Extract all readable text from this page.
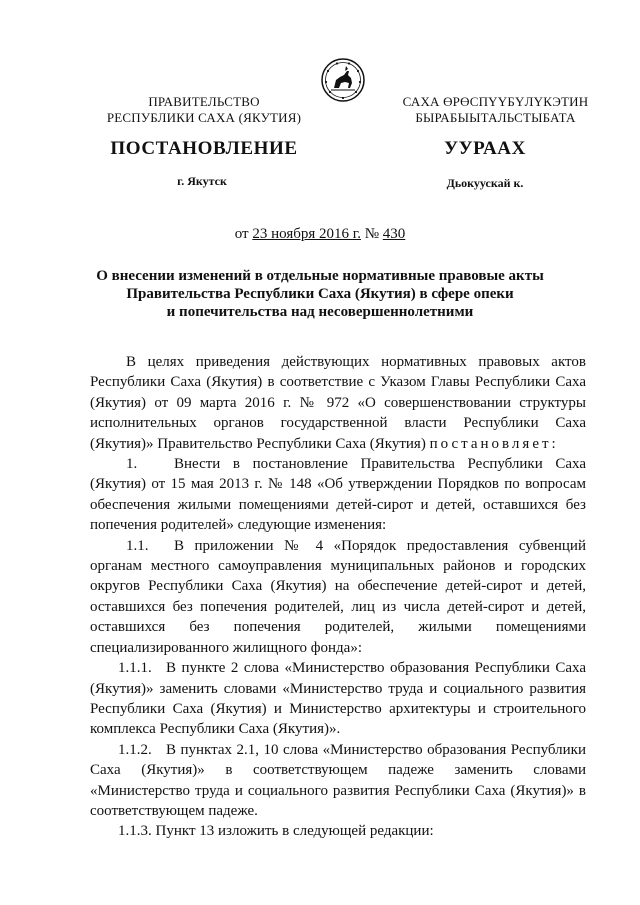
ПРАВИТЕЛЬСТВО
РЕСПУБЛИКИ САХА (ЯКУТИЯ)
САХА ӨРӨСПҮҮБҮЛҮКЭТИН
БЫРАБЫЫТАЛЬСТЫБАТА
ПОСТАНОВЛЕНИЕ	УУРААХ
г. Якутск	Дьокуускай к.
от 23 ноября 2016 г. № 430
О внесении изменений в отдельные нормативные правовые акты
Правительства Республики Саха (Якутия) в сфере опеки
и попечительства над несовершеннолетними

В целях приведения действующих нормативных правовых актов Республики Саха (Якутия) в соответствие с Указом Главы Республики Саха (Якутия) от 09 марта 2016 г. № 972 «О совершенствовании структуры исполнительных органов государственной власти Республики Саха (Якутия)» Правительство Республики Саха (Якутия) постановляет:

1. Внести в постановление Правительства Республики Саха (Якутия) от 15 мая 2013 г. № 148 «Об утверждении Порядков по вопросам обеспечения жилыми помещениями детей-сирот и детей, оставшихся без попечения родителей» следующие изменения:

1.1. В приложении № 4 «Порядок предоставления субвенций органам местного самоуправления муниципальных районов и городских округов Республики Саха (Якутия) на обеспечение детей-сирот и детей, оставшихся без попечения родителей, лиц из числа детей-сирот и детей, оставшихся без попечения родителей, жилыми помещениями специализированного жилищного фонда»:

1.1.1. В пункте 2 слова «Министерство образования Республики Саха (Якутия)» заменить словами «Министерство труда и социального развития Республики Саха (Якутия) и Министерство архитектуры и строительного комплекса Республики Саха (Якутия)».

1.1.2. В пунктах 2.1, 10 слова «Министерство образования Республики Саха (Якутия)» в соответствующем падеже заменить словами «Министерство труда и социального развития Республики Саха (Якутия)» в соответствующем падеже.

1.1.3. Пункт 13 изложить в следующей редакции:
